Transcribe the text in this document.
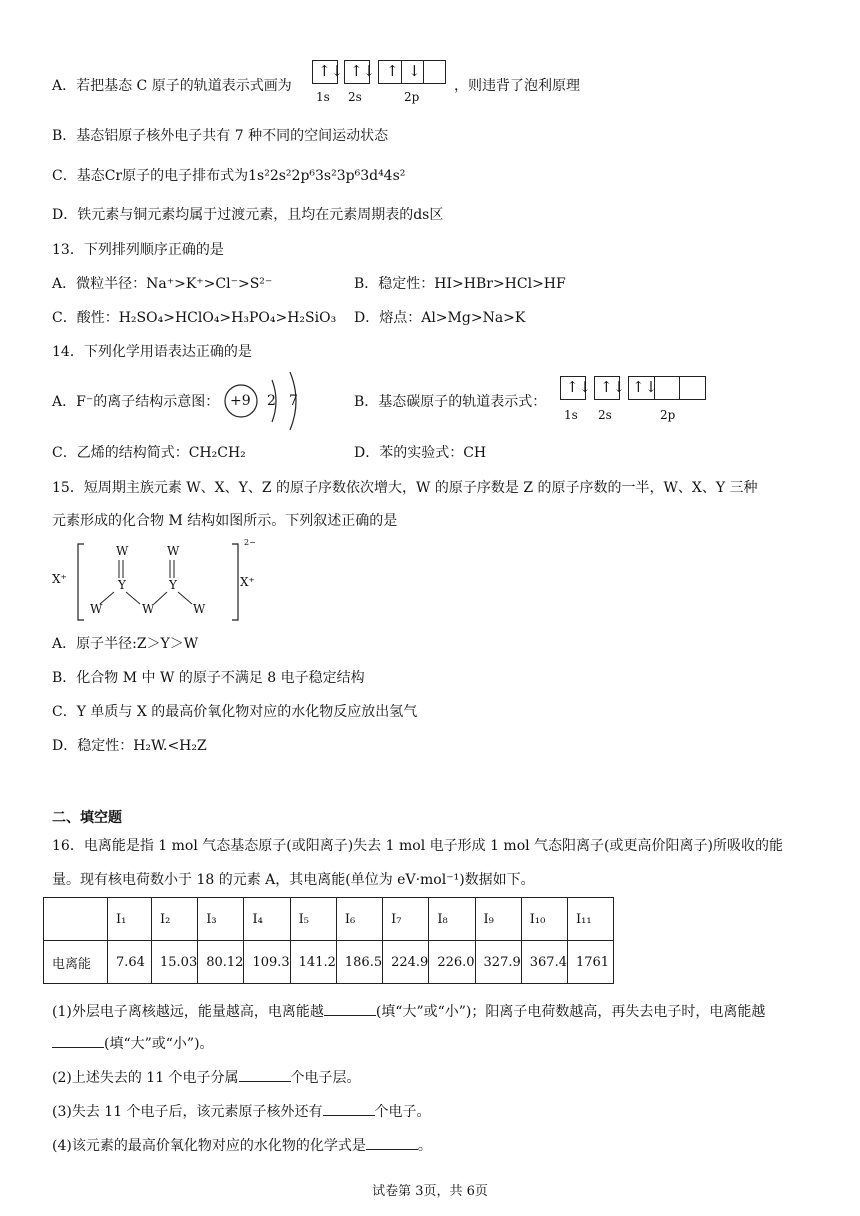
A．若把基态 C 原子的轨道表示式画为
↑↓ ↑↓ ↑ ↓
1s 2s	2p
，则违背了泡利原理
B．基态铝原子核外电子共有 7 种不同的空间运动状态
C．基态Cr原子的电子排布式为1s²2s²2p⁶3s²3p⁶3d⁴4s²
D．铁元素与铜元素均属于过渡元素，且均在元素周期表的ds区
13．下列排列顺序正确的是
A．微粒半径：Na⁺>K⁺>Cl⁻>S²⁻	B．稳定性：HI>HBr>HCl>HF
C．酸性：H₂SO₄>HClO₄>H₃PO₄>H₂SiO₃ D．熔点：Al>Mg>Na>K
14．下列化学用语表达正确的是
A．F⁻的离子结构示意图： +9 2 7	B．基态碳原子的轨道表示式：
↑↓ ↑↓ ↑↓
1s 2s	2p
C．乙烯的结构简式：CH₂CH₂	D．苯的实验式：CH
15．短周期主族元素 W、X、Y、Z 的原子序数依次增大，W 的原子序数是 Z 的原子序数的一半，W、X、Y 三种
元素形成的化合物 M 结构如图所示。下列叙述正确的是
X⁺
W	W
Y	Y
W	W	W
2−
X⁺
A．原子半径:Z＞Y＞W
B．化合物 M 中 W 的原子不满足 8 电子稳定结构
C．Y 单质与 X 的最高价氧化物对应的水化物反应放出氢气
D．稳定性：H₂W.<H₂Z
二、填空题
16．电离能是指 1 mol 气态基态原子(或阳离子)失去 1 mol 电子形成 1 mol 气态阳离子(或更高价阳离子)所吸收的能
量。现有核电荷数小于 18 的元素 A，其电离能(单位为 eV·mol⁻¹)数据如下。
	I₁	I₂	I₃	I₄	I₅	I₆	I₇	I₈	I₉	I₁₀	I₁₁
电离能	7.64	15.03	80.12	109.3	141.2	186.5	224.9	226.0	327.9	367.4	1761
(1)外层电子离核越远，能量越高，电离能越	(填“大”或“小”)；阳离子电荷数越高，再失去电子时，电离能越
(填“大”或“小”)。
(2)上述失去的 11 个电子分属	个电子层。
(3)失去 11 个电子后，该元素原子核外还有	个电子。
(4)该元素的最高价氧化物对应的水化物的化学式是	。
试卷第 3页，共 6页
